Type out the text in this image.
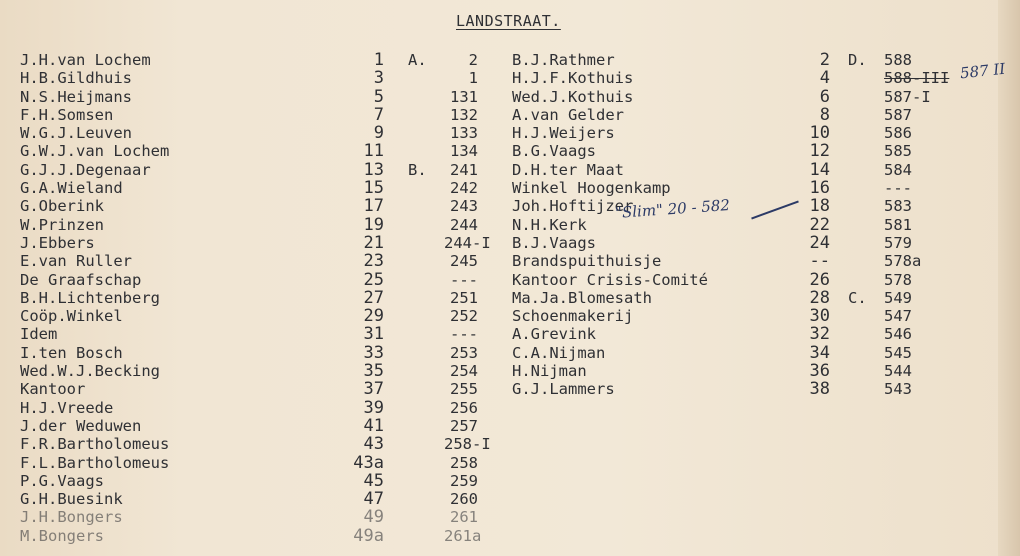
LANDSTRAAT.
J.H.van Lochem
H.B.Gildhuis
N.S.Heijmans
F.H.Somsen
W.G.J.Leuven
G.W.J.van Lochem
G.J.J.Degenaar
G.A.Wieland
G.Oberink
W.Prinzen
J.Ebbers
E.van Ruller
De Graafschap
B.H.Lichtenberg
Coöp.Winkel
Idem
I.ten Bosch
Wed.W.J.Becking
Kantoor
H.J.Vreede
J.der Weduwen
F.R.Bartholomeus
F.L.Bartholomeus
P.G.Vaags
G.H.Buesink
J.H.Bongers
M.Bongers
1
3
5
7
9
11
13
15
17
19
21
23
25
27
29
31
33
35
37
39
41
43
43a
45
47
49
49a
A.	2
1
131
132
133
134
B. 241
242
243
244
244-I
245
---
251
252
---
253
254
255
256
257
258-I
258
259
260
261
261a
B.J.Rathmer
H.J.F.Kothuis
Wed.J.Kothuis
A.van Gelder
H.J.Weijers
B.G.Vaags
D.H.ter Maat
Winkel Hoogenkamp
Joh.Hoftijzer
N.H.Kerk
B.J.Vaags
Brandspuithuisje
Kantoor Crisis-Comité
Ma.Ja.Blomesath
Schoenmakerij
A.Grevink
C.A.Nijman
H.Nijman
G.J.Lammers
2
4
6
8
10
12
14
16
18
22
24
--
26
28
30
32
34
36
38
D. 588
588-III
587-I
587
586
585
584
---
583
581
579
578a
578
C. 549
547
546
545
544
543
"Slim" 20 - 582
587 II
